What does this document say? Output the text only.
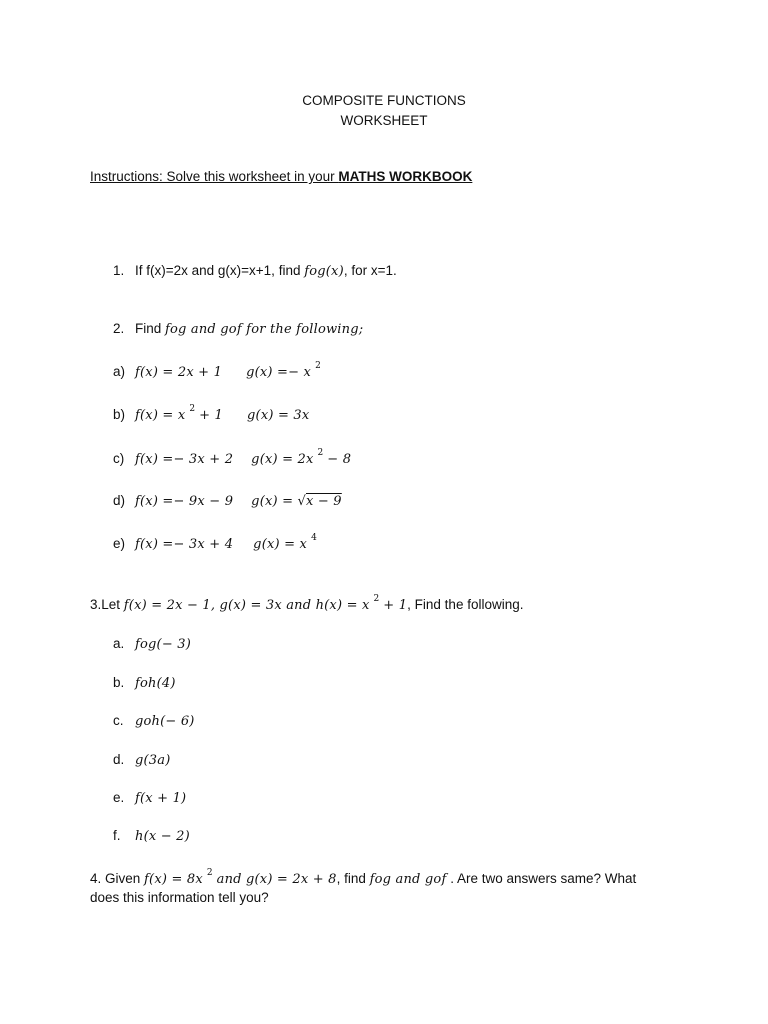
COMPOSITE FUNCTIONS
WORKSHEET
Instructions: Solve this worksheet in your MATHS WORKBOOK
1. If f(x)=2x and g(x)=x+1, find fog(x), for x=1.
2. Find fog and gof for the following;
a) f(x) = 2x + 1 g(x) =− x $^2$
b) f(x) = x $^2$ + 1 g(x) = 3x
c) f(x) =− 3x + 2 g(x) = 2x $^2$ − 8
d) f(x) =− 9x − 9 g(x) = √x − 9
e) f(x) =− 3x + 4 g(x) = x $^4$
3.Let f(x) = 2x − 1, g(x) = 3x and h(x) = x $^2$ + 1, Find the following.
a. fog(− 3)
b. foh(4)
c. goh(− 6)
d. g(3a)
e. f(x + 1)
f. h(x − 2)
4. Given f(x) = 8x $^2$ and g(x) = 2x + 8, find fog and gof . Are two answers same? What
does this information tell you?
